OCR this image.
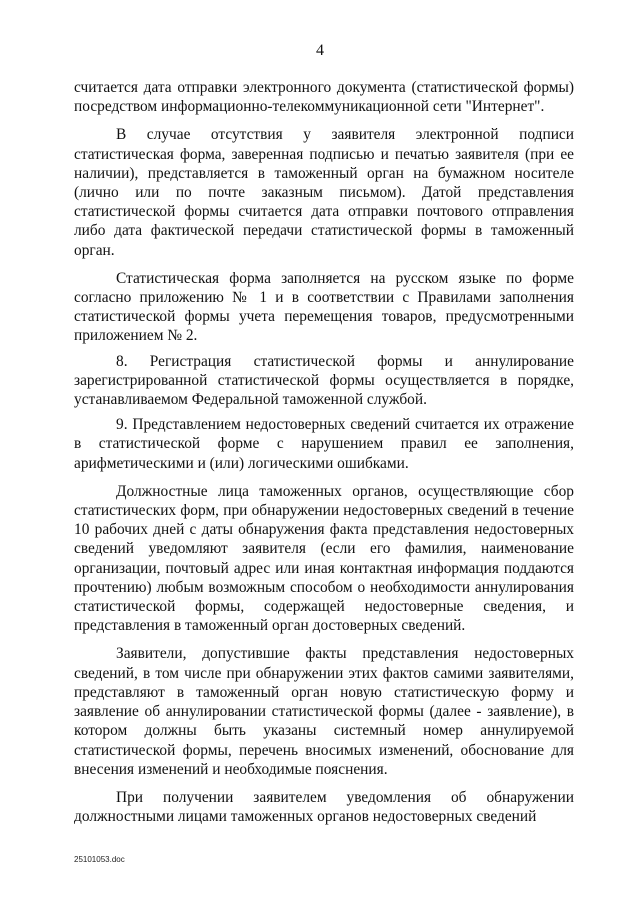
4

считается дата отправки электронного документа (статистической формы) посредством информационно-телекоммуникационной сети "Интернет".

В случае отсутствия у заявителя электронной подписи статистическая форма, заверенная подписью и печатью заявителя (при ее наличии), представляется в таможенный орган на бумажном носителе (лично или по почте заказным письмом). Датой представления статистической формы считается дата отправки почтового отправления либо дата фактической передачи статистической формы в таможенный орган.

Статистическая форма заполняется на русском языке по форме согласно приложению № 1 и в соответствии с Правилами заполнения статистической формы учета перемещения товаров, предусмотренными приложением № 2.

8. Регистрация статистической формы и аннулирование зарегистрированной статистической формы осуществляется в порядке, устанавливаемом Федеральной таможенной службой.

9. Представлением недостоверных сведений считается их отражение в статистической форме с нарушением правил ее заполнения, арифметическими и (или) логическими ошибками.

Должностные лица таможенных органов, осуществляющие сбор статистических форм, при обнаружении недостоверных сведений в течение 10 рабочих дней с даты обнаружения факта представления недостоверных сведений уведомляют заявителя (если его фамилия, наименование организации, почтовый адрес или иная контактная информация поддаются прочтению) любым возможным способом о необходимости аннулирования статистической формы, содержащей недостоверные сведения, и представления в таможенный орган достоверных сведений.

Заявители, допустившие факты представления недостоверных сведений, в том числе при обнаружении этих фактов самими заявителями, представляют в таможенный орган новую статистическую форму и заявление об аннулировании статистической формы (далее - заявление), в котором должны быть указаны системный номер аннулируемой статистической формы, перечень вносимых изменений, обоснование для внесения изменений и необходимые пояснения.

При получении заявителем уведомления об обнаружении должностными лицами таможенных органов недостоверных сведений

25101053.doc
